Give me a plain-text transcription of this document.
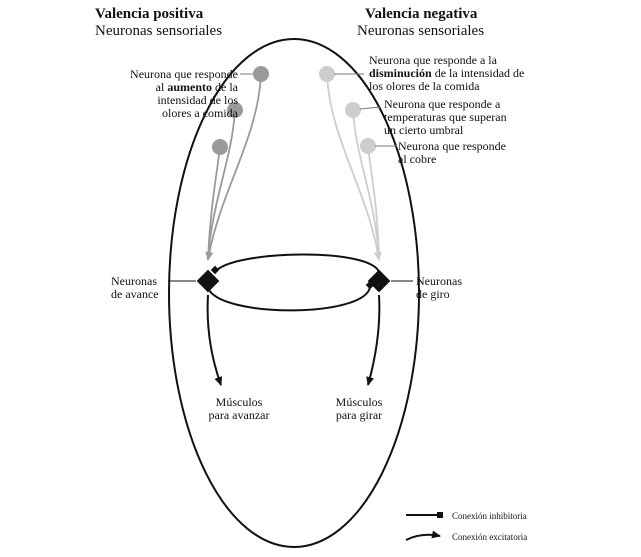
Valencia positiva
Neuronas sensoriales
Valencia negativa
Neuronas sensoriales
Neurona que responde
al aumento de la
intensidad de los
olores a comida
Neurona que responde a la
disminución de la intensidad de
los olores de la comida
Neurona que responde a
temperaturas que superan
un cierto umbral
Neurona que responde
al cobre
Neuronas
de avance
Neuronas
de giro
Músculos
para avanzar
Músculos
para girar
Conexión inhibitoria
Conexión excitatoria
